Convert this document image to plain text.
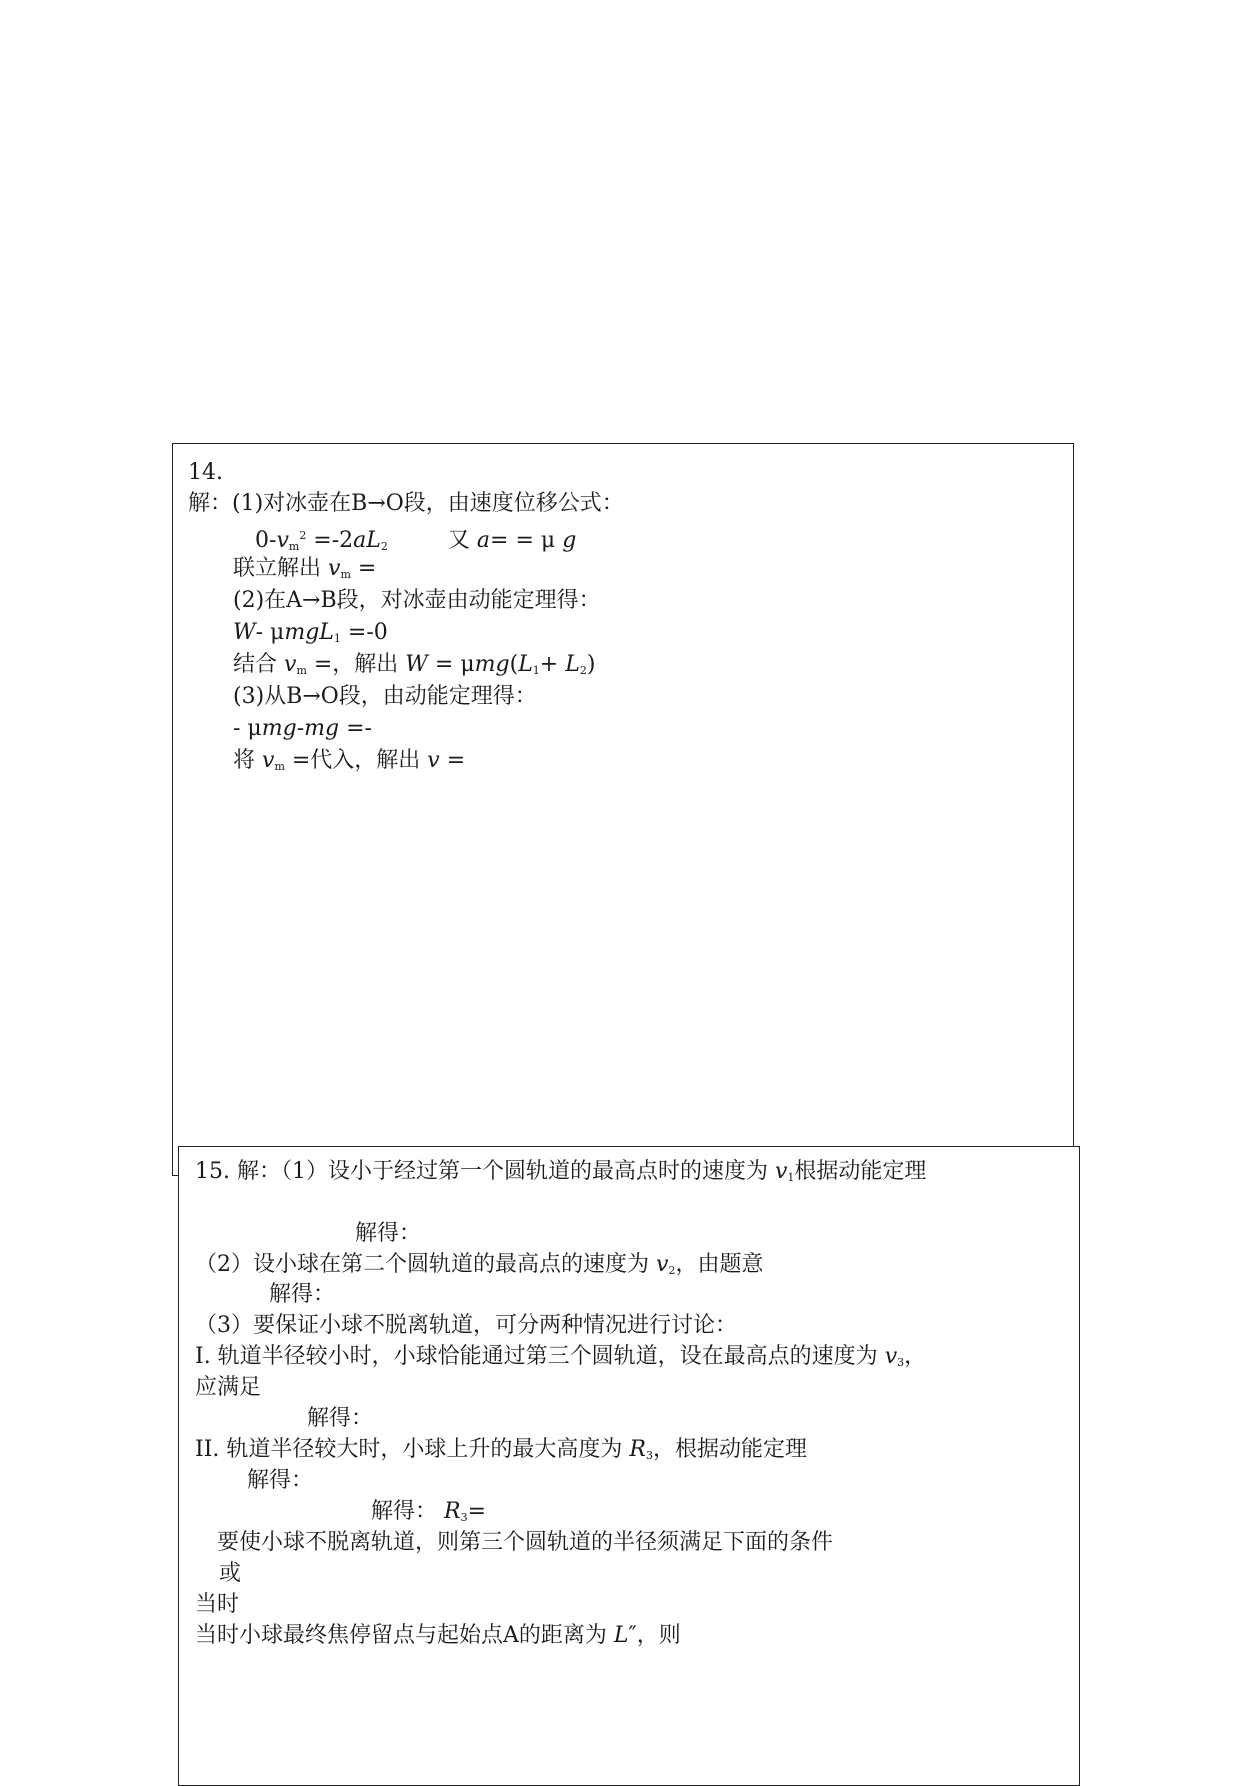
14.
解：(1)对冰壶在B→O段，由速度位移公式：
$0-v_m^2 =-2aL_2$	又 a= = μ g
联立解出 $v_m$ =
(2)在A→B段，对冰壶由动能定理得：
W- μmgL$_1$ =-0
结合 $v_m$ =，解出 $W = \mu mg(L_1+ L_2)$
(3)从B→O段，由动能定理得：
- μmg-mg =-
将 $v_m$ =代入，解出 v =
15. 解：（1）设小于经过第一个圆轨道的最高点时的速度为 $v_1$根据动能定理
解得：
（2）设小球在第二个圆轨道的最高点的速度为 $v_2$，由题意
解得：
（3）要保证小球不脱离轨道，可分两种情况进行讨论：
I. 轨道半径较小时，小球恰能通过第三个圆轨道，设在最高点的速度为 $v_3$，
应满足
解得：
II. 轨道半径较大时，小球上升的最大高度为 $R_3$，根据动能定理
解得：
解得： $R_3=$
要使小球不脱离轨道，则第三个圆轨道的半径须满足下面的条件
或
当时
当时小球最终焦停留点与起始点A的距离为 L″，则
